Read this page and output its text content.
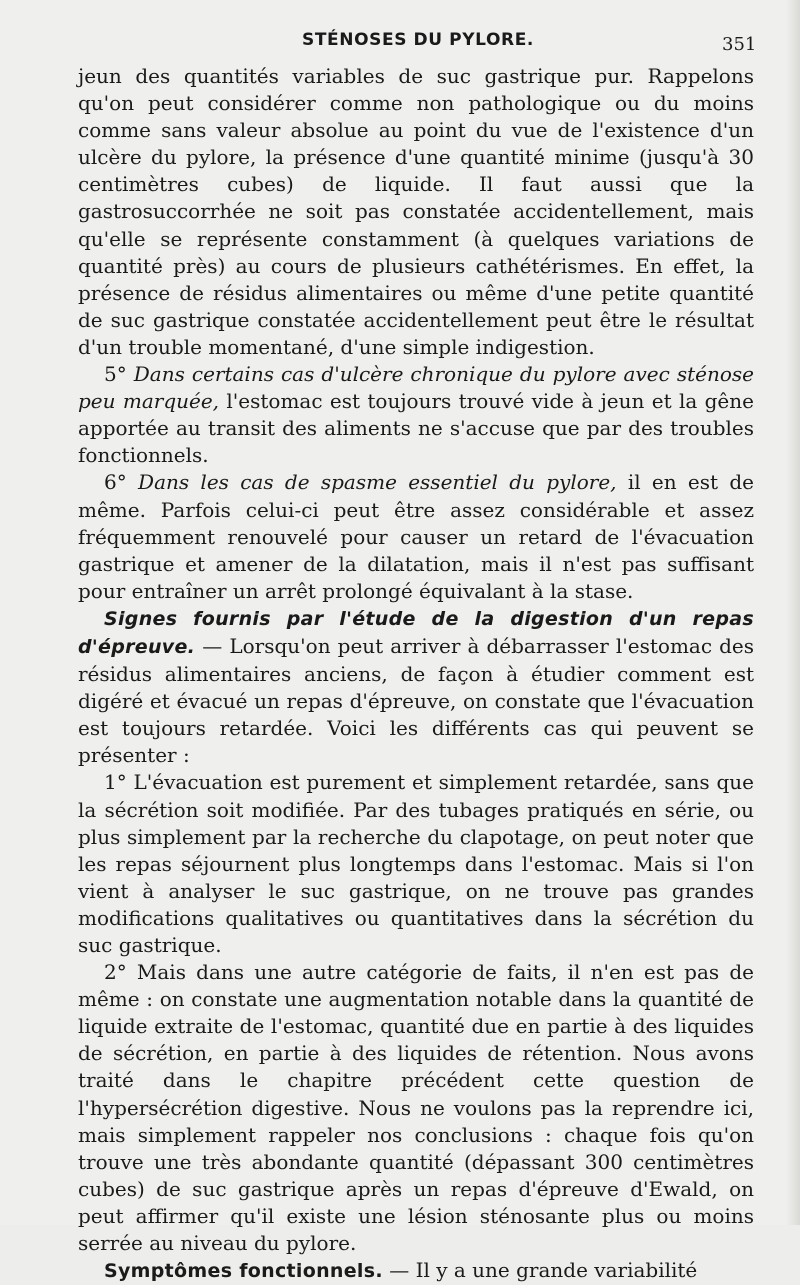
STÉNOSES DU PYLORE.	351

jeun des quantités variables de suc gastrique pur. Rappelons qu'on peut considérer comme non pathologique ou du moins comme sans valeur absolue au point du vue de l'existence d'un ulcère du pylore, la présence d'une quantité minime (jusqu'à 30 centimètres cubes) de liquide. Il faut aussi que la gastrosuccorrhée ne soit pas constatée accidentellement, mais qu'elle se représente constamment (à quelques variations de quantité près) au cours de plusieurs cathétérismes. En effet, la présence de résidus alimentaires ou même d'une petite quantité de suc gastrique constatée accidentellement peut être le résultat d'un trouble momentané, d'une simple indigestion.

5° Dans certains cas d'ulcère chronique du pylore avec sténose peu marquée, l'estomac est toujours trouvé vide à jeun et la gêne apportée au transit des aliments ne s'accuse que par des troubles fonctionnels.

6° Dans les cas de spasme essentiel du pylore, il en est de même. Parfois celui-ci peut être assez considérable et assez fréquemment renouvelé pour causer un retard de l'évacuation gastrique et amener de la dilatation, mais il n'est pas suffisant pour entraîner un arrêt prolongé équivalant à la stase.

Signes fournis par l'étude de la digestion d'un repas d'épreuve. — Lorsqu'on peut arriver à débarrasser l'estomac des résidus alimentaires anciens, de façon à étudier comment est digéré et évacué un repas d'épreuve, on constate que l'évacuation est toujours retardée. Voici les différents cas qui peuvent se présenter :

1° L'évacuation est purement et simplement retardée, sans que la sécrétion soit modifiée. Par des tubages pratiqués en série, ou plus simplement par la recherche du clapotage, on peut noter que les repas séjournent plus longtemps dans l'estomac. Mais si l'on vient à analyser le suc gastrique, on ne trouve pas grandes modifications qualitatives ou quantitatives dans la sécrétion du suc gastrique.

2° Mais dans une autre catégorie de faits, il n'en est pas de même : on constate une augmentation notable dans la quantité de liquide extraite de l'estomac, quantité due en partie à des liquides de sécrétion, en partie à des liquides de rétention. Nous avons traité dans le chapitre précédent cette question de l'hypersécrétion digestive. Nous ne voulons pas la reprendre ici, mais simplement rappeler nos conclusions : chaque fois qu'on trouve une très abondante quantité (dépassant 300 centimètres cubes) de suc gastrique après un repas d'épreuve d'Ewald, on peut affirmer qu'il existe une lésion sténosante plus ou moins serrée au niveau du pylore.

Symptômes fonctionnels. — Il y a une grande variabilité
